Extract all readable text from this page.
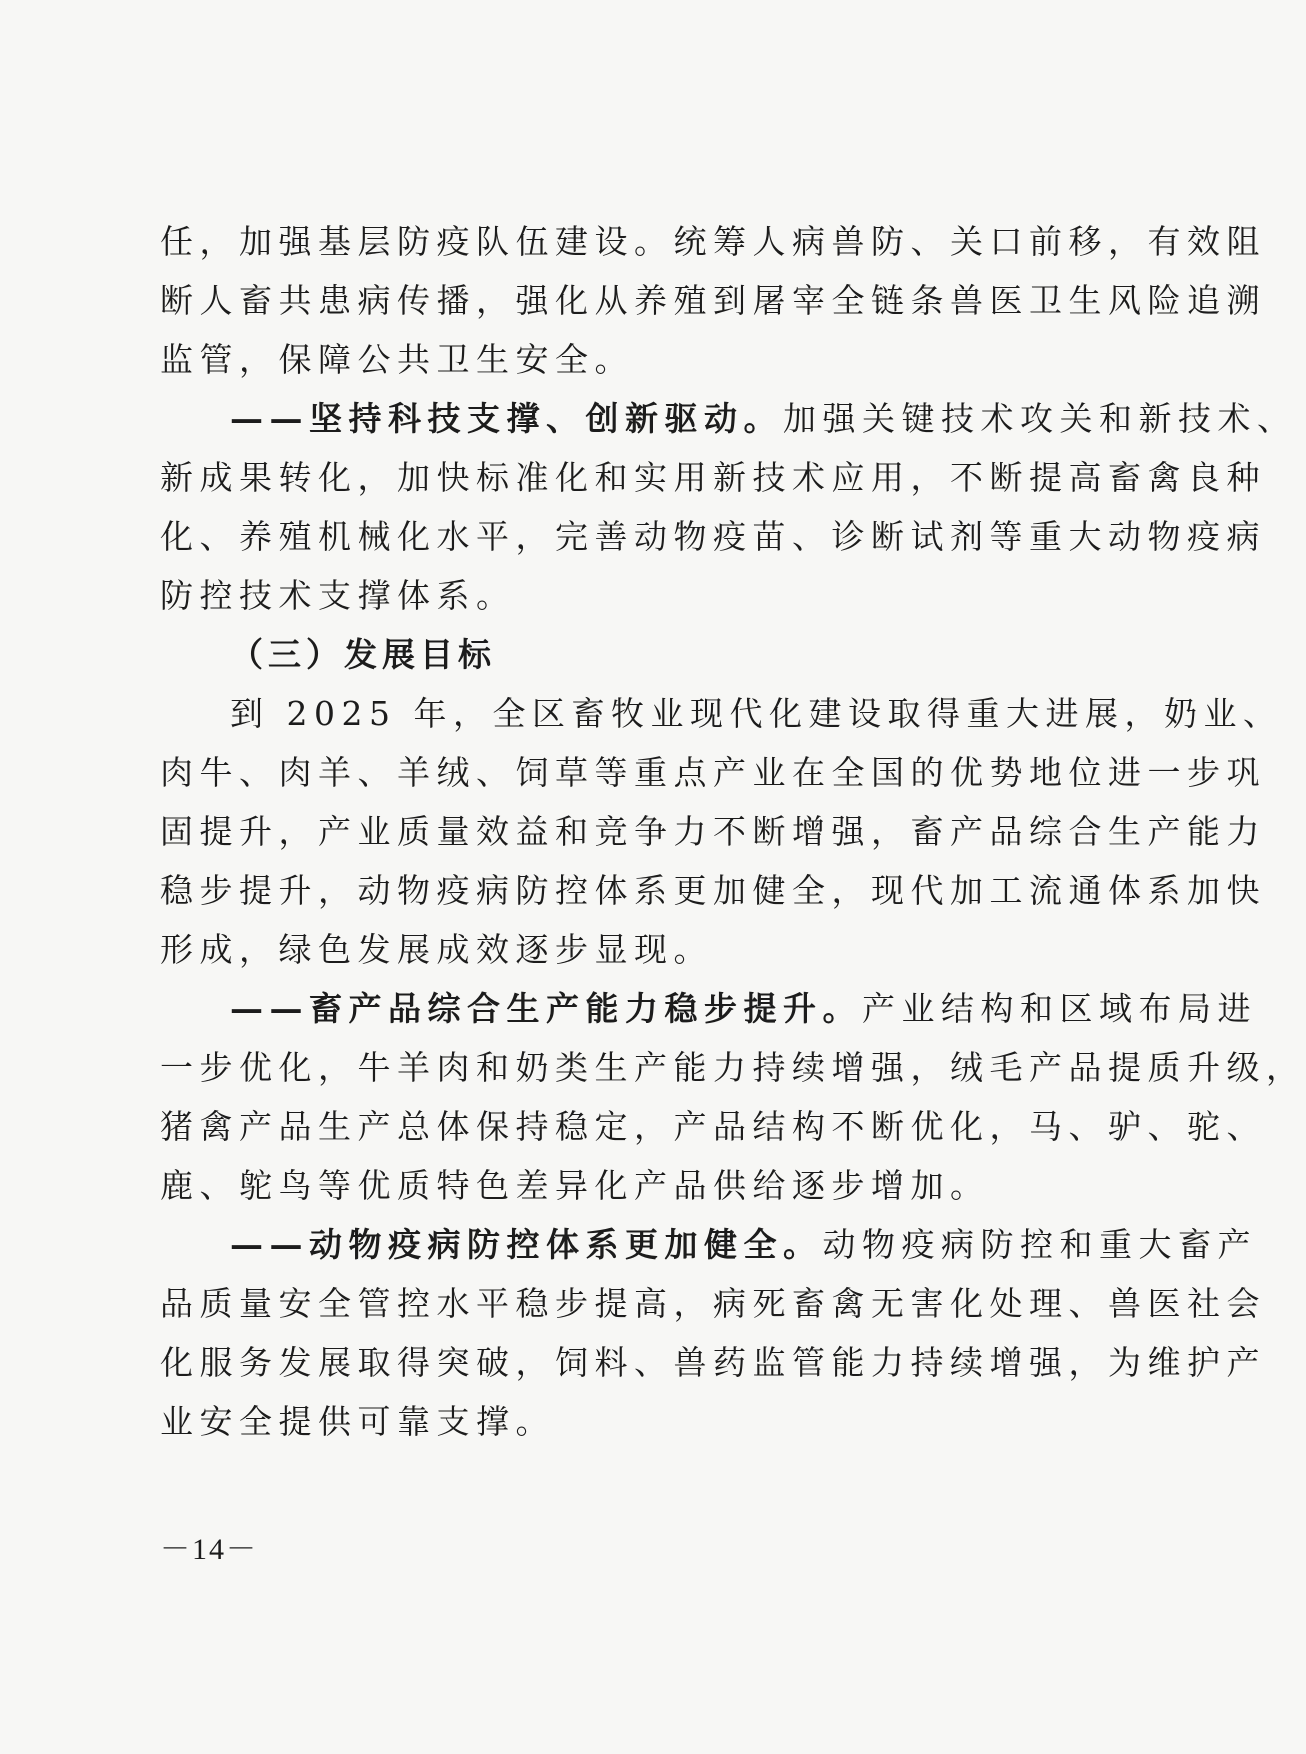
任，加强基层防疫队伍建设。统筹人病兽防、关口前移，有效阻
断人畜共患病传播，强化从养殖到屠宰全链条兽医卫生风险追溯
监管，保障公共卫生安全。
——坚持科技支撑、创新驱动。加强关键技术攻关和新技术、
新成果转化，加快标准化和实用新技术应用，不断提高畜禽良种
化、养殖机械化水平，完善动物疫苗、诊断试剂等重大动物疫病
防控技术支撑体系。
（三）发展目标
到 2025 年，全区畜牧业现代化建设取得重大进展，奶业、
肉牛、肉羊、羊绒、饲草等重点产业在全国的优势地位进一步巩
固提升，产业质量效益和竞争力不断增强，畜产品综合生产能力
稳步提升，动物疫病防控体系更加健全，现代加工流通体系加快
形成，绿色发展成效逐步显现。
——畜产品综合生产能力稳步提升。产业结构和区域布局进
一步优化，牛羊肉和奶类生产能力持续增强，绒毛产品提质升级，
猪禽产品生产总体保持稳定，产品结构不断优化，马、驴、驼、
鹿、鸵鸟等优质特色差异化产品供给逐步增加。
——动物疫病防控体系更加健全。动物疫病防控和重大畜产
品质量安全管控水平稳步提高，病死畜禽无害化处理、兽医社会
化服务发展取得突破，饲料、兽药监管能力持续增强，为维护产
业安全提供可靠支撑。
－14－
